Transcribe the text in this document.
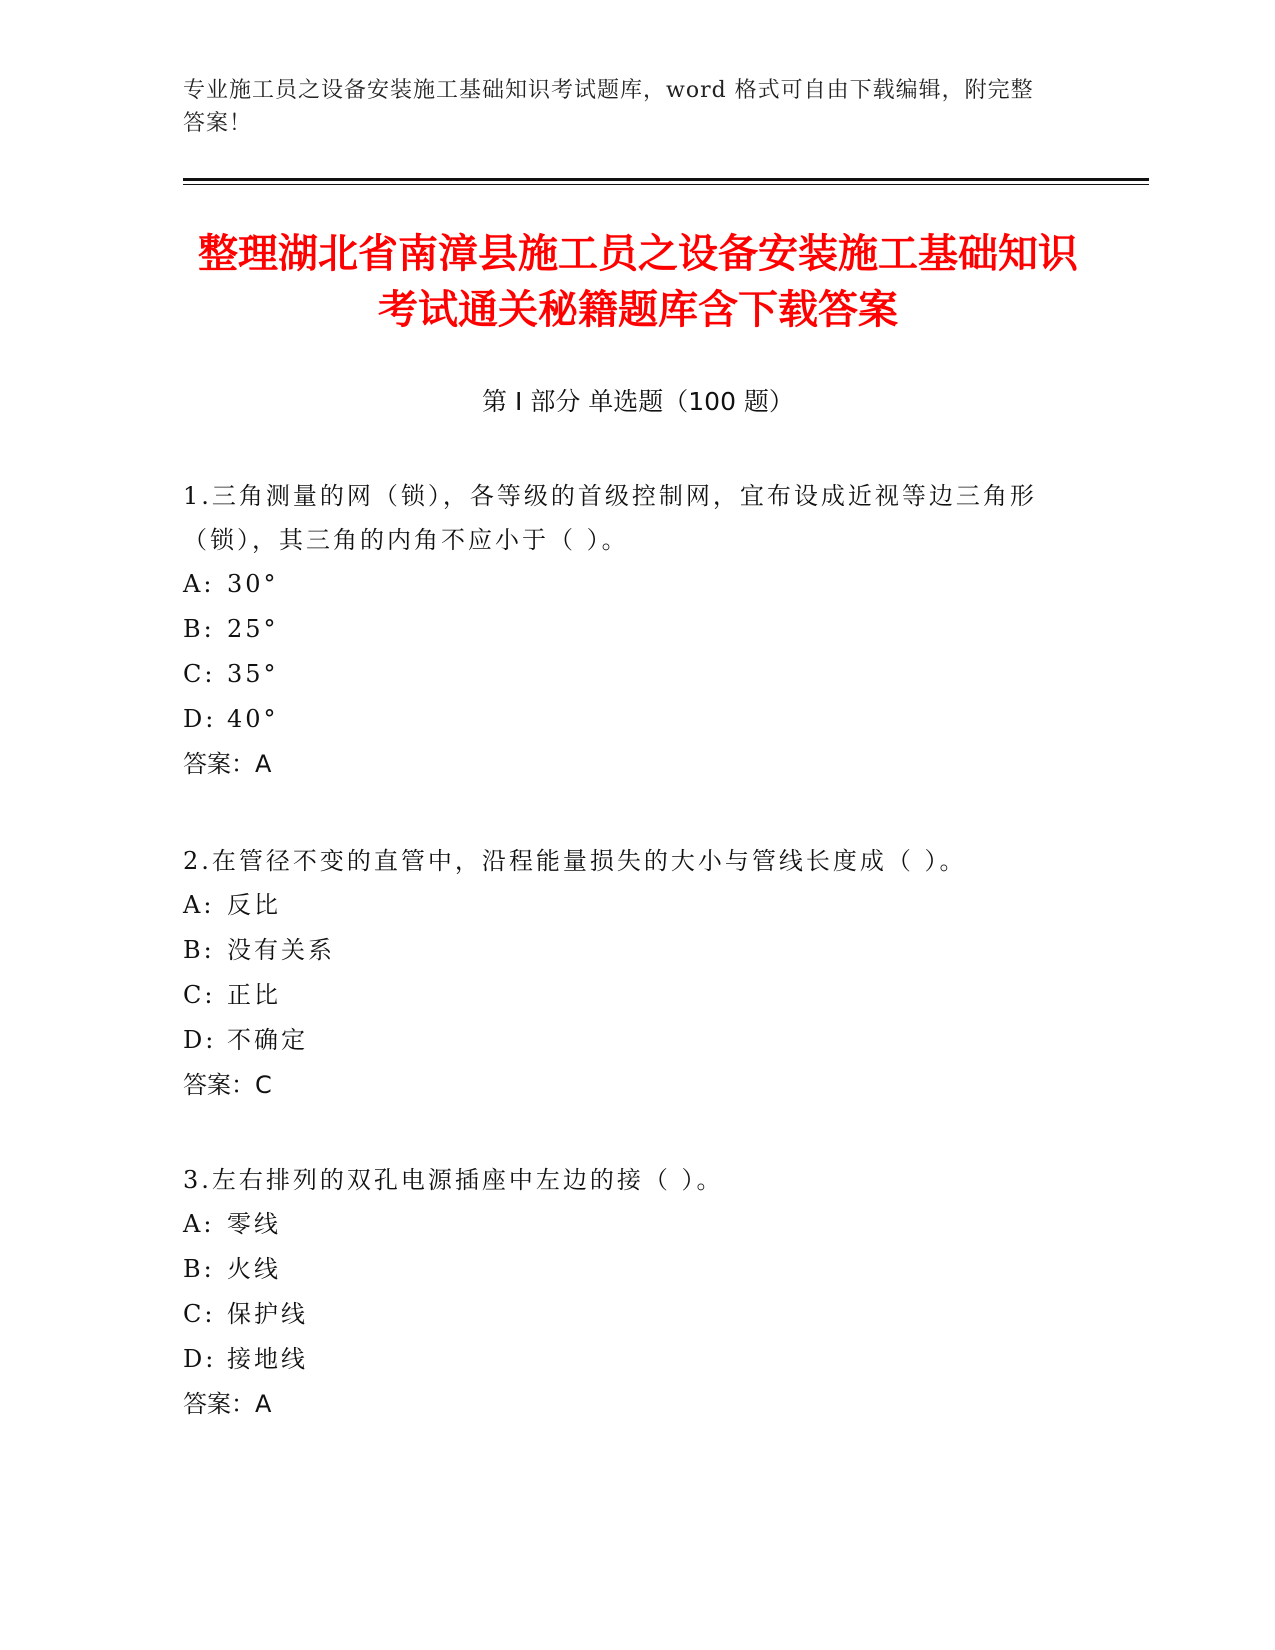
专业施工员之设备安装施工基础知识考试题库，word 格式可自由下载编辑，附完整答案！
整理湖北省南漳县施工员之设备安装施工基础知识考试通关秘籍题库含下载答案
第 I 部分 单选题（100 题）

1.三角测量的网（锁），各等级的首级控制网，宜布设成近视等边三角形（锁），其三角的内角不应小于（ ）。

A: 30°

B: 25°

C: 35°

D: 40°

答案：A

2.在管径不变的直管中，沿程能量损失的大小与管线长度成（ ）。

A: 反比

B: 没有关系

C: 正比

D: 不确定

答案：C

3.左右排列的双孔电源插座中左边的接（ ）。

A: 零线

B: 火线

C: 保护线

D: 接地线

答案：A
